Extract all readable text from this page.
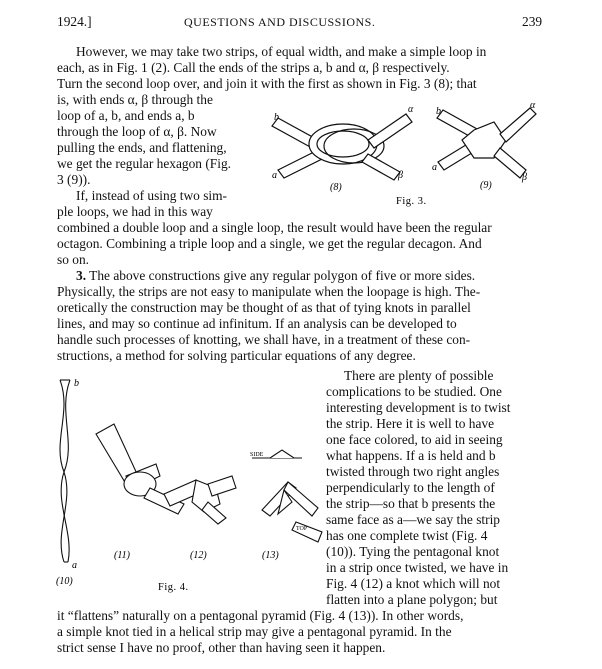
1924.]	QUESTIONS AND DISCUSSIONS.	239
However, we may take two strips, of equal width, and make a simple loop in
each, as in Fig. 1 (2). Call the ends of the strips a, b and α, β respectively.
Turn the second loop over, and join it with the first as shown in Fig. 3 (8); that
is, with ends α, β through the
loop of a, b, and ends a, b
through the loop of α, β. Now
pulling the ends, and flattening,
we get the regular hexagon (Fig.
3 (9)).
If, instead of using two sim-
ple loops, we had in this way
combined a double loop and a single loop, the result would have been the regular
octagon. Combining a triple loop and a single, we get the regular decagon. And
so on.
b
a
α
β
b
a
α
β
(8)	(9)
Fig. 3.
3. The above constructions give any regular polygon of five or more sides.
Physically, the strips are not easy to manipulate when the loopage is high. The-
oretically the construction may be thought of as that of tying knots in parallel
lines, and may so continue ad infinitum. If an analysis can be developed to
handle such processes of knotting, we shall have, in a treatment of these con-
structions, a method for solving particular equations of any degree.
There are plenty of possible
complications to be studied. One
interesting development is to twist
the strip. Here it is well to have
one face colored, to aid in seeing
what happens. If a is held and b
twisted through two right angles
perpendicularly to the length of
the strip—so that b presents the
same face as a—we say the strip
has one complete twist (Fig. 4
(10)). Tying the pentagonal knot
in a strip once twisted, we have in
Fig. 4 (12) a knot which will not
flatten into a plane polygon; but
it “flattens” naturally on a pentagonal pyramid (Fig. 4 (13)). In other words,
a simple knot tied in a helical strip may give a pentagonal pyramid. In the
strict sense I have no proof, other than having seen it happen.
b
a
(10)
(11)	(12)
SIDE
TOP
(13)
Fig. 4.
